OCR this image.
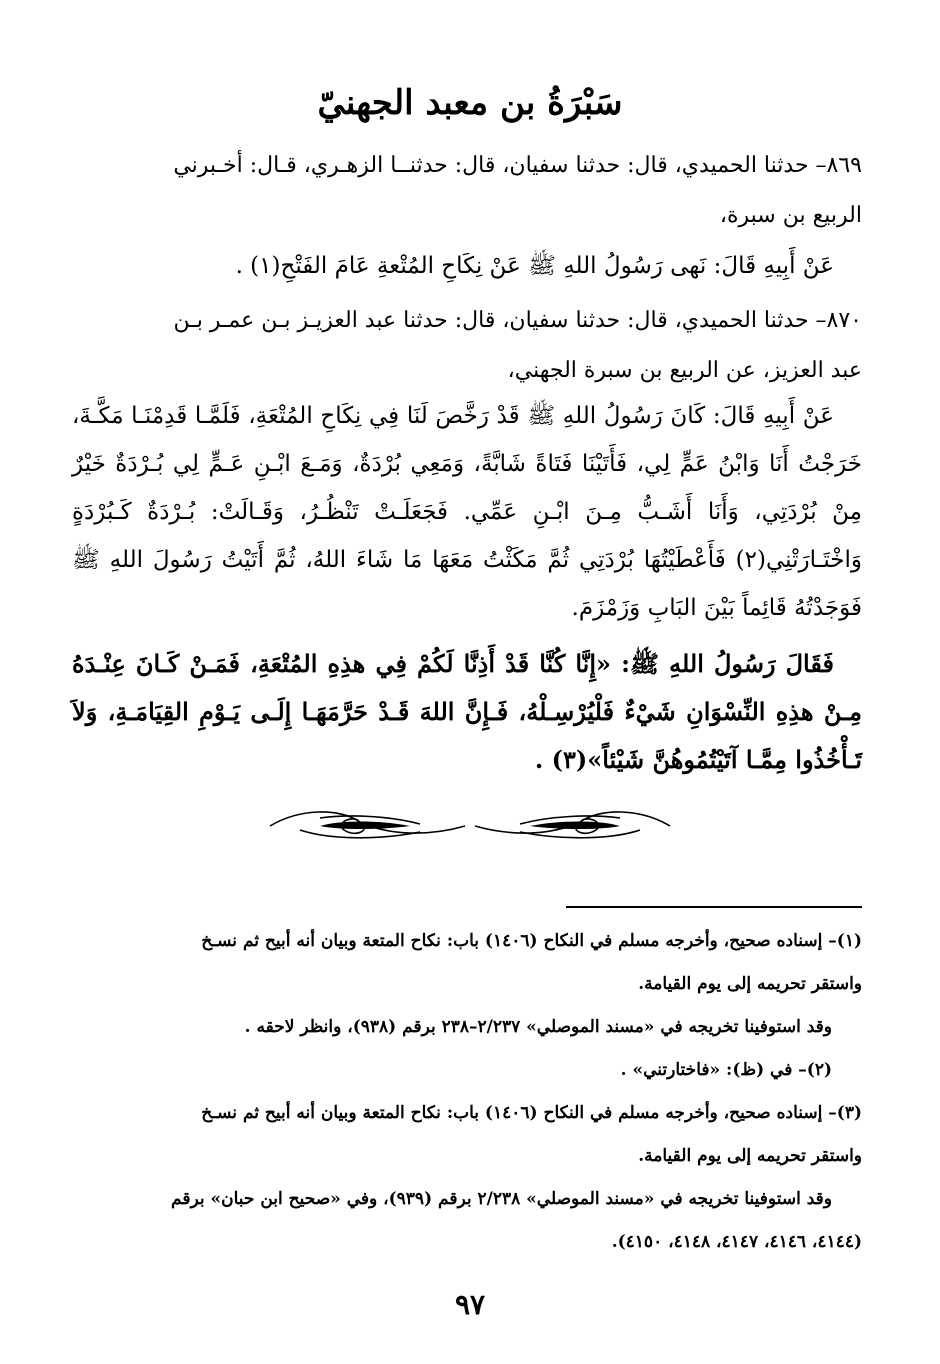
سَبْرَةُ بن معبد الجهنيّ
٨٦٩– حدثنا الحميدي، قال: حدثنا سفيان، قال: حدثنــا الزهـري، قـال: أخـبرني
الربيع بن سبرة،
عَنْ أَبِيهِ قَالَ: نَهى رَسُولُ اللهِ ﷺ عَنْ نِكَاحِ المُتْعةِ عَامَ الفَتْحِ(١) .
٨٧٠– حدثنا الحميدي، قال: حدثنا سفيان، قال: حدثنا عبد العزيـز بـن عمـر بـن
عبد العزيز، عن الربيع بن سبرة الجهني،
عَنْ أَبِيهِ قَالَ: كَانَ رَسُولُ اللهِ ﷺ قَدْ رَخَّصَ لَنَا فِي نِكَاحِ المُتْعَةِ، فَلَمَّـا قَدِمْنَـا مَكَّـةَ، خَرَجْتُ أَنَا وَابْنُ عَمٍّ لِي، فَأَتَيْنَا فَتَاةً شَابَّةً، وَمَعِي بُرْدَةٌ، وَمَـعَ ابْـنِ عَـمٍّ لِي بُـرْدَةٌ خَيْرٌ مِنْ بُرْدَتِي، وَأَنَا أَشَـبُّ مِـنَ ابْـنِ عَمِّي. فَجَعَلَـتْ تَنْظُـرُ، وَقَـالَتْ: بُـرْدَةٌ كَـبُرْدَةٍ وَاخْتَـارَتْنِي(٢) فَأَعْطَيْتُهَا بُرْدَتِي ثُمَّ مَكَثْتُ مَعَهَا مَا شَاءَ اللهُ، ثُمَّ أَتَيْتُ رَسُولَ اللهِ ﷺ فَوَجَدْتُهُ قَائِماً بَيْنَ البَابِ وَزَمْزَمَ.
فَقَالَ رَسُولُ اللهِ ﷺ: «إِنَّا كُنَّا قَدْ أَذِنَّا لَكُمْ فِي هذِهِ المُتْعَةِ، فَمَـنْ كَـانَ عِنْـدَهُ مِـنْ هذِهِ النِّسْوَانِ شَيْءٌ فَلْيُرْسِـلْهُ، فَـإِنَّ اللهَ قَـدْ حَرَّمَهَـا إِلَـى يَـوْمِ القِيَامَـةِ، وَلاَ تَـأْخُذُوا مِمَّـا آتَيْتُمُوهُنَّ شَيْئاً»(٣) .

(١)– إسناده صحيح، وأخرجه مسلم في النكاح (١٤٠٦) باب: نكاح المتعة وبيان أنه أبيح ثم نسـخ

واستقر تحريمه إلى يوم القيامة.

وقد استوفينا تخريجه في «مسند الموصلي» ٢/٢٣٧–٢٣٨ برقم (٩٣٨)، وانظر لاحقه .

(٢)– في (ظ): «فاختارتني» .

(٣)– إسناده صحيح، وأخرجه مسلم في النكاح (١٤٠٦) باب: نكاح المتعة وبيان أنه أبيح ثم نسـخ

واستقر تحريمه إلى يوم القيامة.

وقد استوفينا تخريجه في «مسند الموصلي» ٢/٢٣٨ برقم (٩٣٩)، وفي «صحيح ابن حبان» برقم

(٤١٤٤، ٤١٤٦، ٤١٤٧، ٤١٤٨، ٤١٥٠).

٩٧
